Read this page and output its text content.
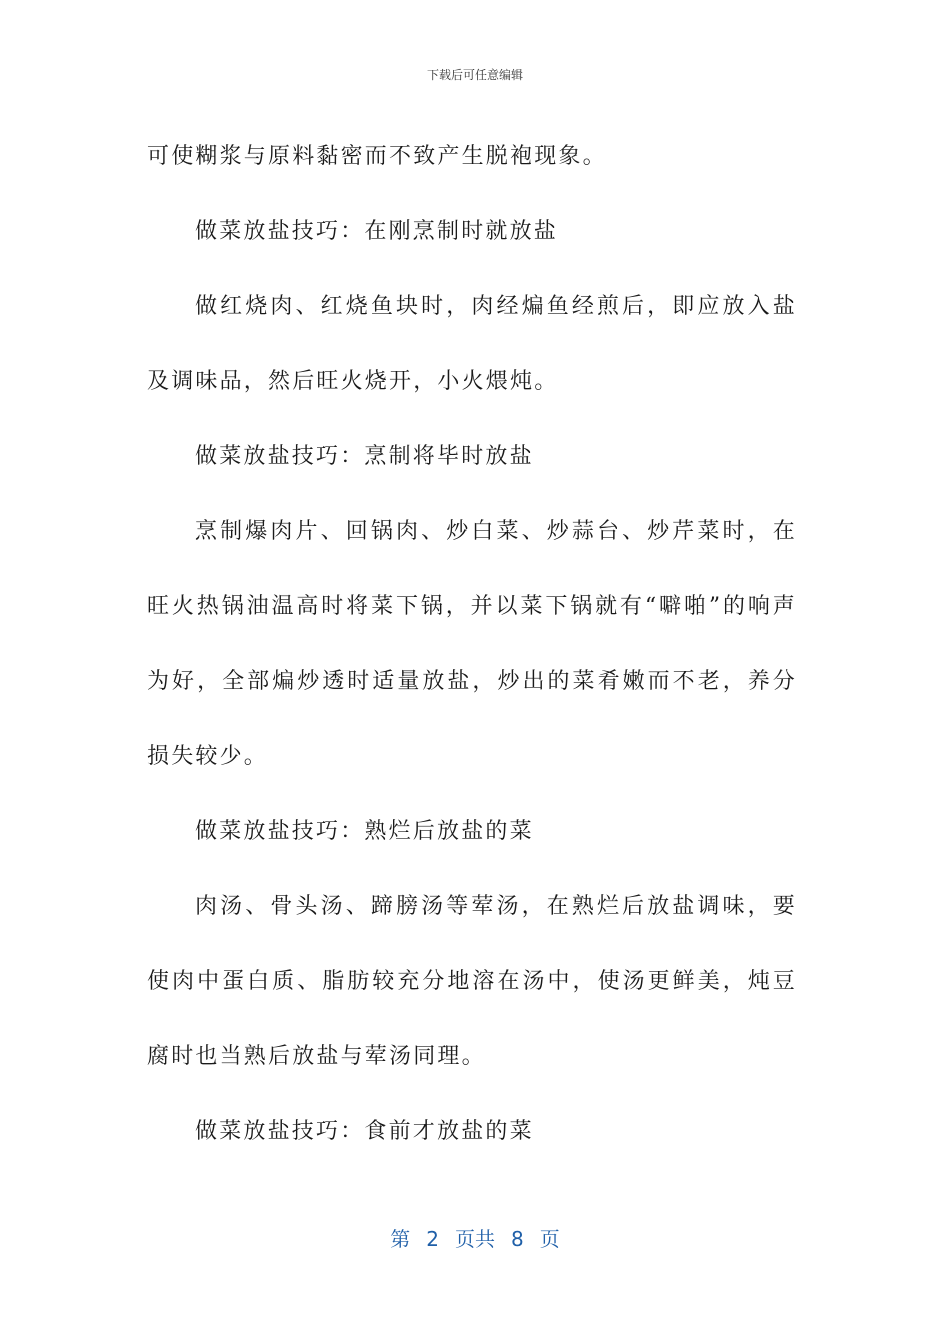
下载后可任意编辑

可使糊浆与原料黏密而不致产生脱袍现象。

做菜放盐技巧：在刚烹制时就放盐

做红烧肉、红烧鱼块时，肉经煸鱼经煎后，即应放入盐及调味品，然后旺火烧开，小火煨炖。

做菜放盐技巧：烹制将毕时放盐

烹制爆肉片、回锅肉、炒白菜、炒蒜台、炒芹菜时，在旺火热锅油温高时将菜下锅，并以菜下锅就有“噼啪”的响声为好，全部煸炒透时适量放盐，炒出的菜肴嫩而不老，养分损失较少。

做菜放盐技巧：熟烂后放盐的菜

肉汤、骨头汤、蹄膀汤等荤汤，在熟烂后放盐调味，要使肉中蛋白质、脂肪较充分地溶在汤中，使汤更鲜美，炖豆腐时也当熟后放盐与荤汤同理。

做菜放盐技巧：食前才放盐的菜

第 2 页共 8 页
